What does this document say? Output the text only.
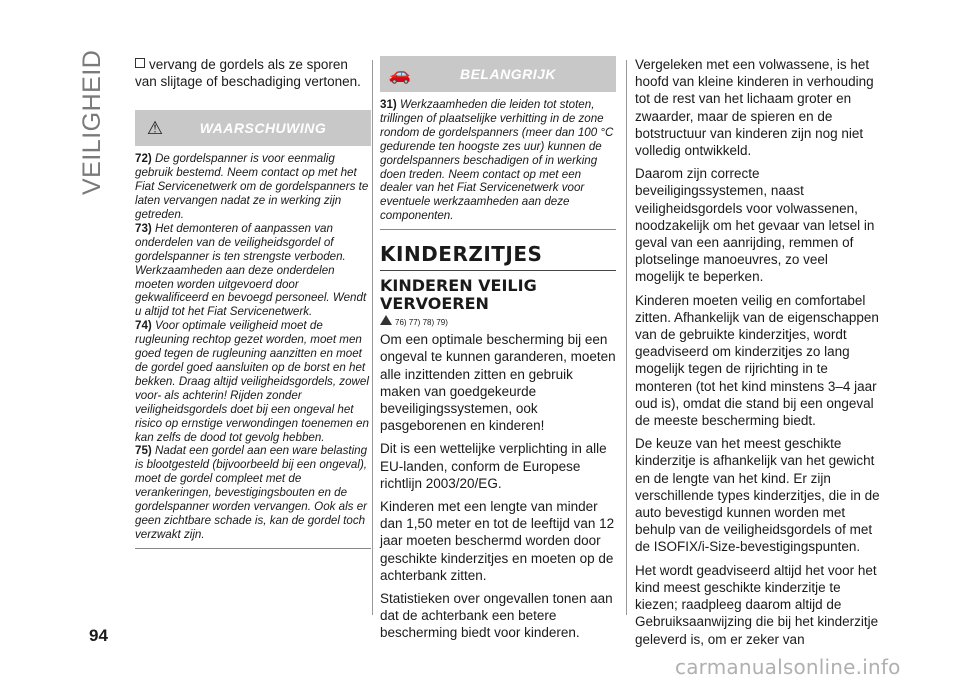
VEILIGHEID	vervang de gordels als ze sporen van slijtage of beschadiging vertonen.

⚠	WAARSCHUWING

72) De gordelspanner is voor eenmalig gebruik bestemd. Neem contact op met het Fiat Servicenetwerk om de gordelspanners te laten vervangen nadat ze in werking zijn getreden.

73) Het demonteren of aanpassen van onderdelen van de veiligheidsgordel of gordelspanner is ten strengste verboden. Werkzaamheden aan deze onderdelen moeten worden uitgevoerd door gekwalificeerd en bevoegd personeel. Wendt u altijd tot het Fiat Servicenetwerk.

74) Voor optimale veiligheid moet de rugleuning rechtop gezet worden, moet men goed tegen de rugleuning aanzitten en moet de gordel goed aansluiten op de borst en het bekken. Draag altijd veiligheidsgordels, zowel voor- als achterin! Rijden zonder veiligheidsgordels doet bij een ongeval het risico op ernstige verwondingen toenemen en kan zelfs de dood tot gevolg hebben.

75) Nadat een gordel aan een ware belasting is blootgesteld (bijvoorbeeld bij een ongeval), moet de gordel compleet met de verankeringen, bevestigingsbouten en de gordelspanner worden vervangen. Ook als er geen zichtbare schade is, kan de gordel toch verzwakt zijn.

🚗	BELANGRIJK

31) Werkzaamheden die leiden tot stoten, trillingen of plaatselijke verhitting in de zone rondom de gordelspanners (meer dan 100 °C gedurende ten hoogste zes uur) kunnen de gordelspanners beschadigen of in werking doen treden. Neem contact op met een dealer van het Fiat Servicenetwerk voor eventuele werkzaamheden aan deze componenten.

KINDERZITJES
KINDEREN VEILIG VERVOEREN
76) 77) 78) 79)

Om een optimale bescherming bij een ongeval te kunnen garanderen, moeten alle inzittenden zitten en gebruik maken van goedgekeurde beveiligingssystemen, ook pasgeborenen en kinderen!

Dit is een wettelijke verplichting in alle EU-landen, conform de Europese richtlijn 2003/20/EG.

Kinderen met een lengte van minder dan 1,50 meter en tot de leeftijd van 12 jaar moeten beschermd worden door geschikte kinderzitjes en moeten op de achterbank zitten.

Statistieken over ongevallen tonen aan dat de achterbank een betere bescherming biedt voor kinderen.

Vergeleken met een volwassene, is het hoofd van kleine kinderen in verhouding tot de rest van het lichaam groter en zwaarder, maar de spieren en de botstructuur van kinderen zijn nog niet volledig ontwikkeld.

Daarom zijn correcte beveiligingssystemen, naast veiligheidsgordels voor volwassenen, noodzakelijk om het gevaar van letsel in geval van een aanrijding, remmen of plotselinge manoeuvres, zo veel mogelijk te beperken.

Kinderen moeten veilig en comfortabel zitten. Afhankelijk van de eigenschappen van de gebruikte kinderzitjes, wordt geadviseerd om kinderzitjes zo lang mogelijk tegen de rijrichting in te monteren (tot het kind minstens 3–4 jaar oud is), omdat die stand bij een ongeval de meeste bescherming biedt.

De keuze van het meest geschikte kinderzitje is afhankelijk van het gewicht en de lengte van het kind. Er zijn verschillende types kinderzitjes, die in de auto bevestigd kunnen worden met behulp van de veiligheidsgordels of met de ISOFIX/i-Size-bevestigingspunten.

Het wordt geadviseerd altijd het voor het kind meest geschikte kinderzitje te kiezen; raadpleeg daarom altijd de Gebruiksaanwijzing die bij het kinderzitje geleverd is, om er zeker van

94
carmanualsonline.info
